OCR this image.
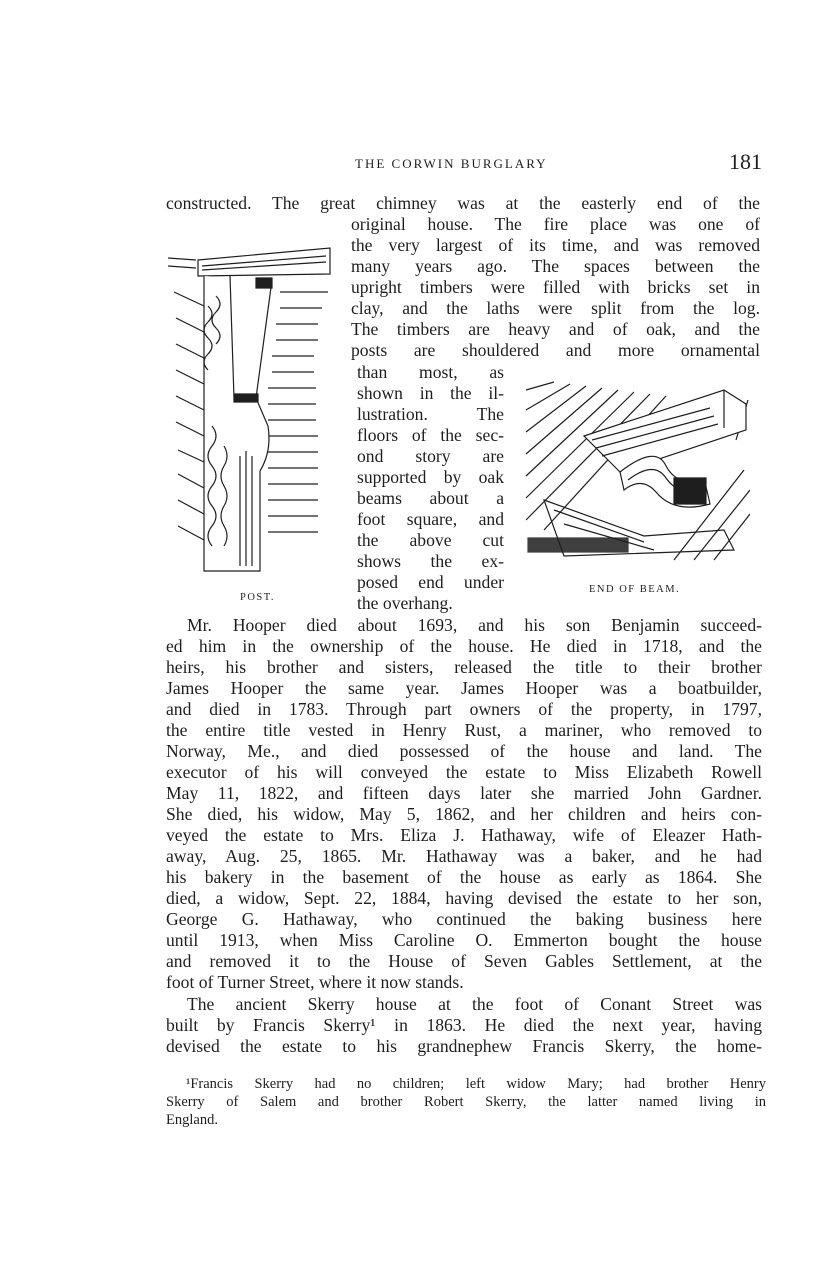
THE CORWIN BURGLARY	181
POST.
END OF BEAM.
constructed. The great chimney was at the easterly end of the
original house. The fire place was one of
the very largest of its time, and was removed
many years ago. The spaces between the
upright timbers were filled with bricks set in
clay, and the laths were split from the log.
The timbers are heavy and of oak, and the
posts are shouldered and more ornamental
than most, as
shown in the il-
lustration. The
floors of the sec-
ond story are
supported by oak
beams about a
foot square, and
the above cut
shows the ex-
posed end under
the overhang.
Mr. Hooper died about 1693, and his son Benjamin succeed-
ed him in the ownership of the house. He died in 1718, and the
heirs, his brother and sisters, released the title to their brother
James Hooper the same year. James Hooper was a boatbuilder,
and died in 1783. Through part owners of the property, in 1797,
the entire title vested in Henry Rust, a mariner, who removed to
Norway, Me., and died possessed of the house and land. The
executor of his will conveyed the estate to Miss Elizabeth Rowell
May 11, 1822, and fifteen days later she married John Gardner.
She died, his widow, May 5, 1862, and her children and heirs con-
veyed the estate to Mrs. Eliza J. Hathaway, wife of Eleazer Hath-
away, Aug. 25, 1865. Mr. Hathaway was a baker, and he had
his bakery in the basement of the house as early as 1864. She
died, a widow, Sept. 22, 1884, having devised the estate to her son,
George G. Hathaway, who continued the baking business here
until 1913, when Miss Caroline O. Emmerton bought the house
and removed it to the House of Seven Gables Settlement, at the
foot of Turner Street, where it now stands.
The ancient Skerry house at the foot of Conant Street was
built by Francis Skerry¹ in 1863. He died the next year, having
devised the estate to his grandnephew Francis Skerry, the home-
¹Francis Skerry had no children; left widow Mary; had brother Henry
Skerry of Salem and brother Robert Skerry, the latter named living in
England.
